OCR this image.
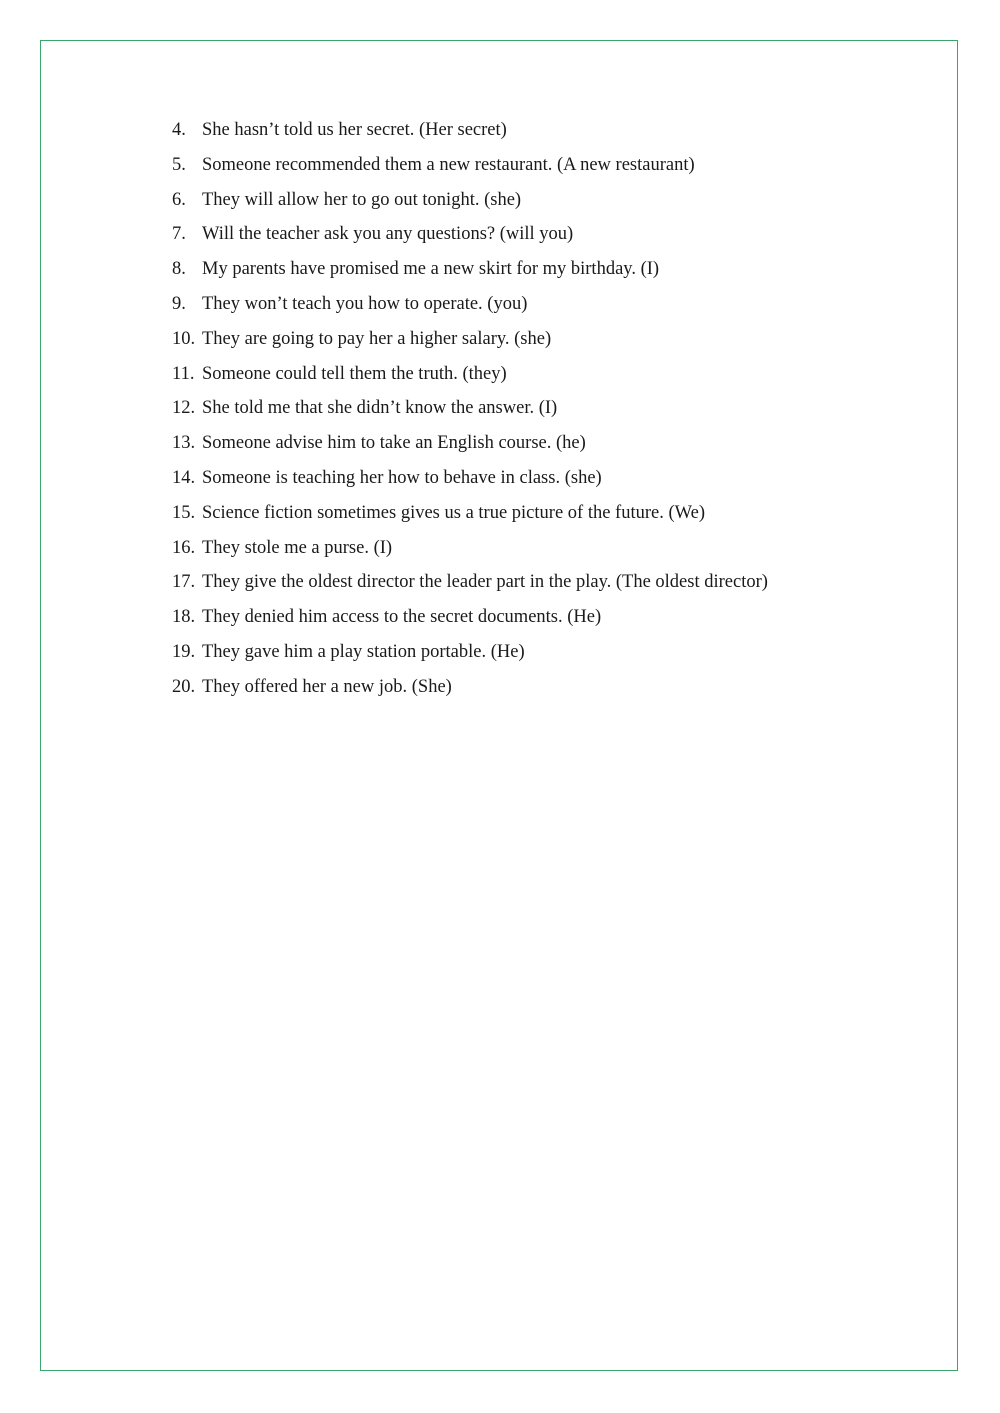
4. She hasn’t told us her secret. (Her secret)
5. Someone recommended them a new restaurant. (A new restaurant)
6. They will allow her to go out tonight. (she)
7. Will the teacher ask you any questions? (will you)
8. My parents have promised me a new skirt for my birthday. (I)
9. They won’t teach you how to operate. (you)
10. They are going to pay her a higher salary. (she)
11. Someone could tell them the truth. (they)
12. She told me that she didn’t know the answer. (I)
13. Someone advise him to take an English course. (he)
14. Someone is teaching her how to behave in class. (she)
15. Science fiction sometimes gives us a true picture of the future. (We)
16. They stole me a purse. (I)
17. They give the oldest director the leader part in the play. (The oldest director)
18. They denied him access to the secret documents. (He)
19. They gave him a play station portable. (He)
20. They offered her a new job. (She)
